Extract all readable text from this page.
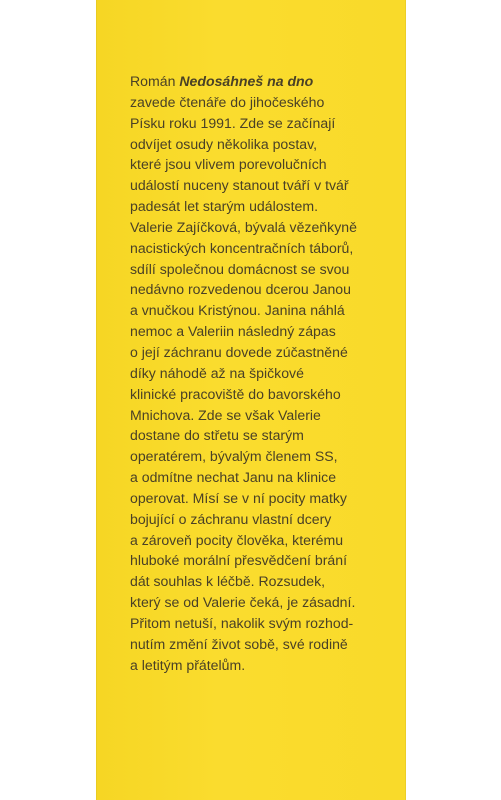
Román Nedosáhneš na dno
zavede čtenáře do jihočeského
Písku roku 1991. Zde se začínají
odvíjet osudy několika postav,
které jsou vlivem porevolučních
událostí nuceny stanout tváří v tvář
padesát let starým událostem.
Valerie Zajíčková, bývalá vězeňkyně
nacistických koncentračních táborů,
sdílí společnou domácnost se svou
nedávno rozvedenou dcerou Janou
a vnučkou Kristýnou. Janina náhlá
nemoc a Valeriin následný zápas
o její záchranu dovede zúčastněné
díky náhodě až na špičkové
klinické pracoviště do bavorského
Mnichova. Zde se však Valerie
dostane do střetu se starým
operatérem, bývalým členem SS,
a odmítne nechat Janu na klinice
operovat. Mísí se v ní pocity matky
bojující o záchranu vlastní dcery
a zároveň pocity člověka, kterému
hluboké morální přesvědčení brání
dát souhlas k léčbě. Rozsudek,
který se od Valerie čeká, je zásadní.
Přitom netuší, nakolik svým rozhod-
nutím změní život sobě, své rodině
a letitým přátelům.
